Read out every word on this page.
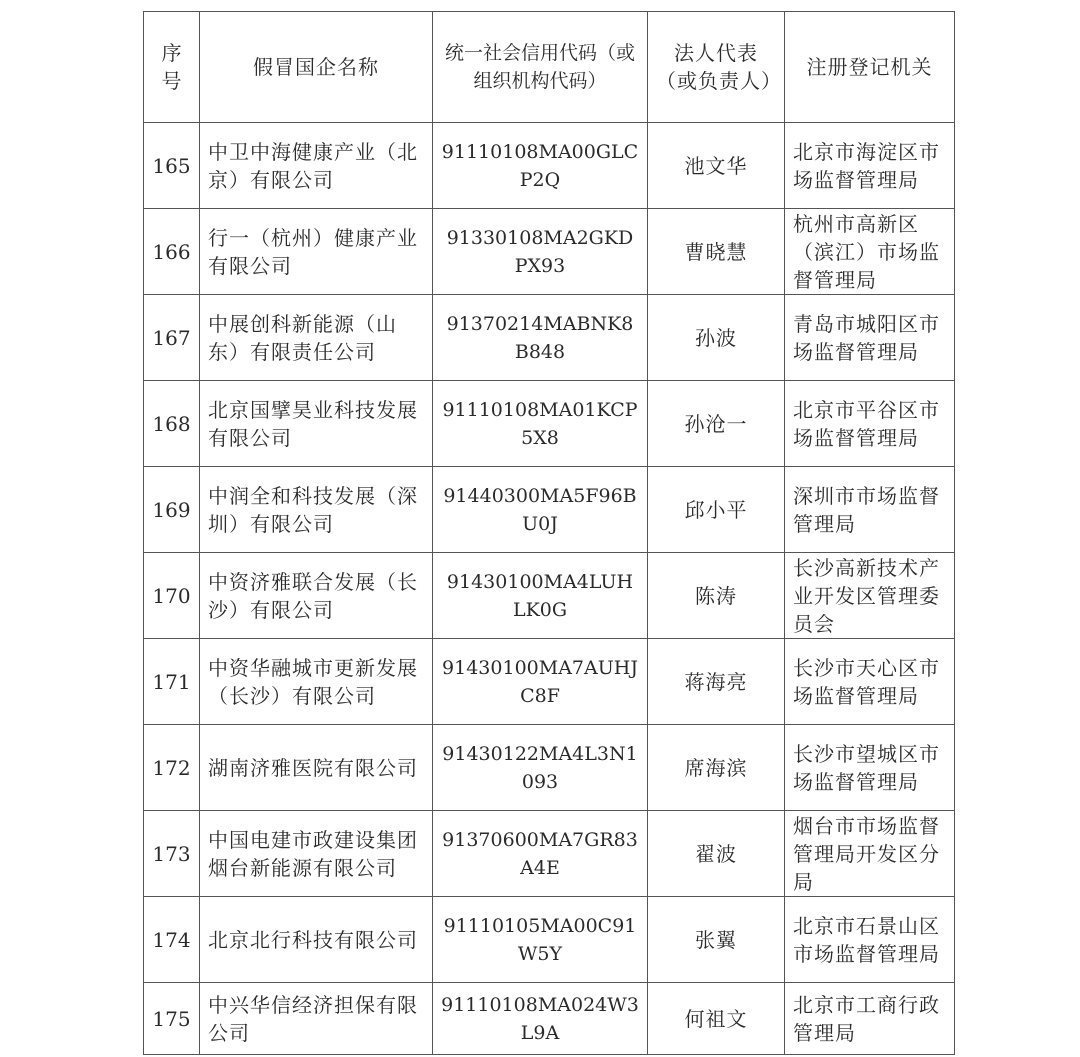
序号	假冒国企名称	统一社会信用代码（或组织机构代码）	法人代表（或负责人）	注册登记机关
165	中卫中海健康产业（北京）有限公司	91110108MA00GLCP2Q	池文华	北京市海淀区市场监督管理局
166	行一（杭州）健康产业有限公司	91330108MA2GKDPX93	曹晓慧	杭州市高新区（滨江）市场监督管理局
167	中展创科新能源（山东）有限责任公司	91370214MABNK8B848	孙波	青岛市城阳区市场监督管理局
168	北京国擘昊业科技发展有限公司	91110108MA01KCP5X8	孙沧一	北京市平谷区市场监督管理局
169	中润全和科技发展（深圳）有限公司	91440300MA5F96BU0J	邱小平	深圳市市场监督管理局
170	中资济雅联合发展（长沙）有限公司	91430100MA4LUHLK0G	陈涛	长沙高新技术产业开发区管理委员会
171	中资华融城市更新发展（长沙）有限公司	91430100MA7AUHJC8F	蒋海亮	长沙市天心区市场监督管理局
172	湖南济雅医院有限公司	91430122MA4L3N1093	席海滨	长沙市望城区市场监督管理局
173	中国电建市政建设集团烟台新能源有限公司	91370600MA7GR83A4E	翟波	烟台市市场监督管理局开发区分局
174	北京北行科技有限公司	91110105MA00C91W5Y	张翼	北京市石景山区市场监督管理局
175	中兴华信经济担保有限公司	91110108MA024W3L9A	何祖文	北京市工商行政管理局
